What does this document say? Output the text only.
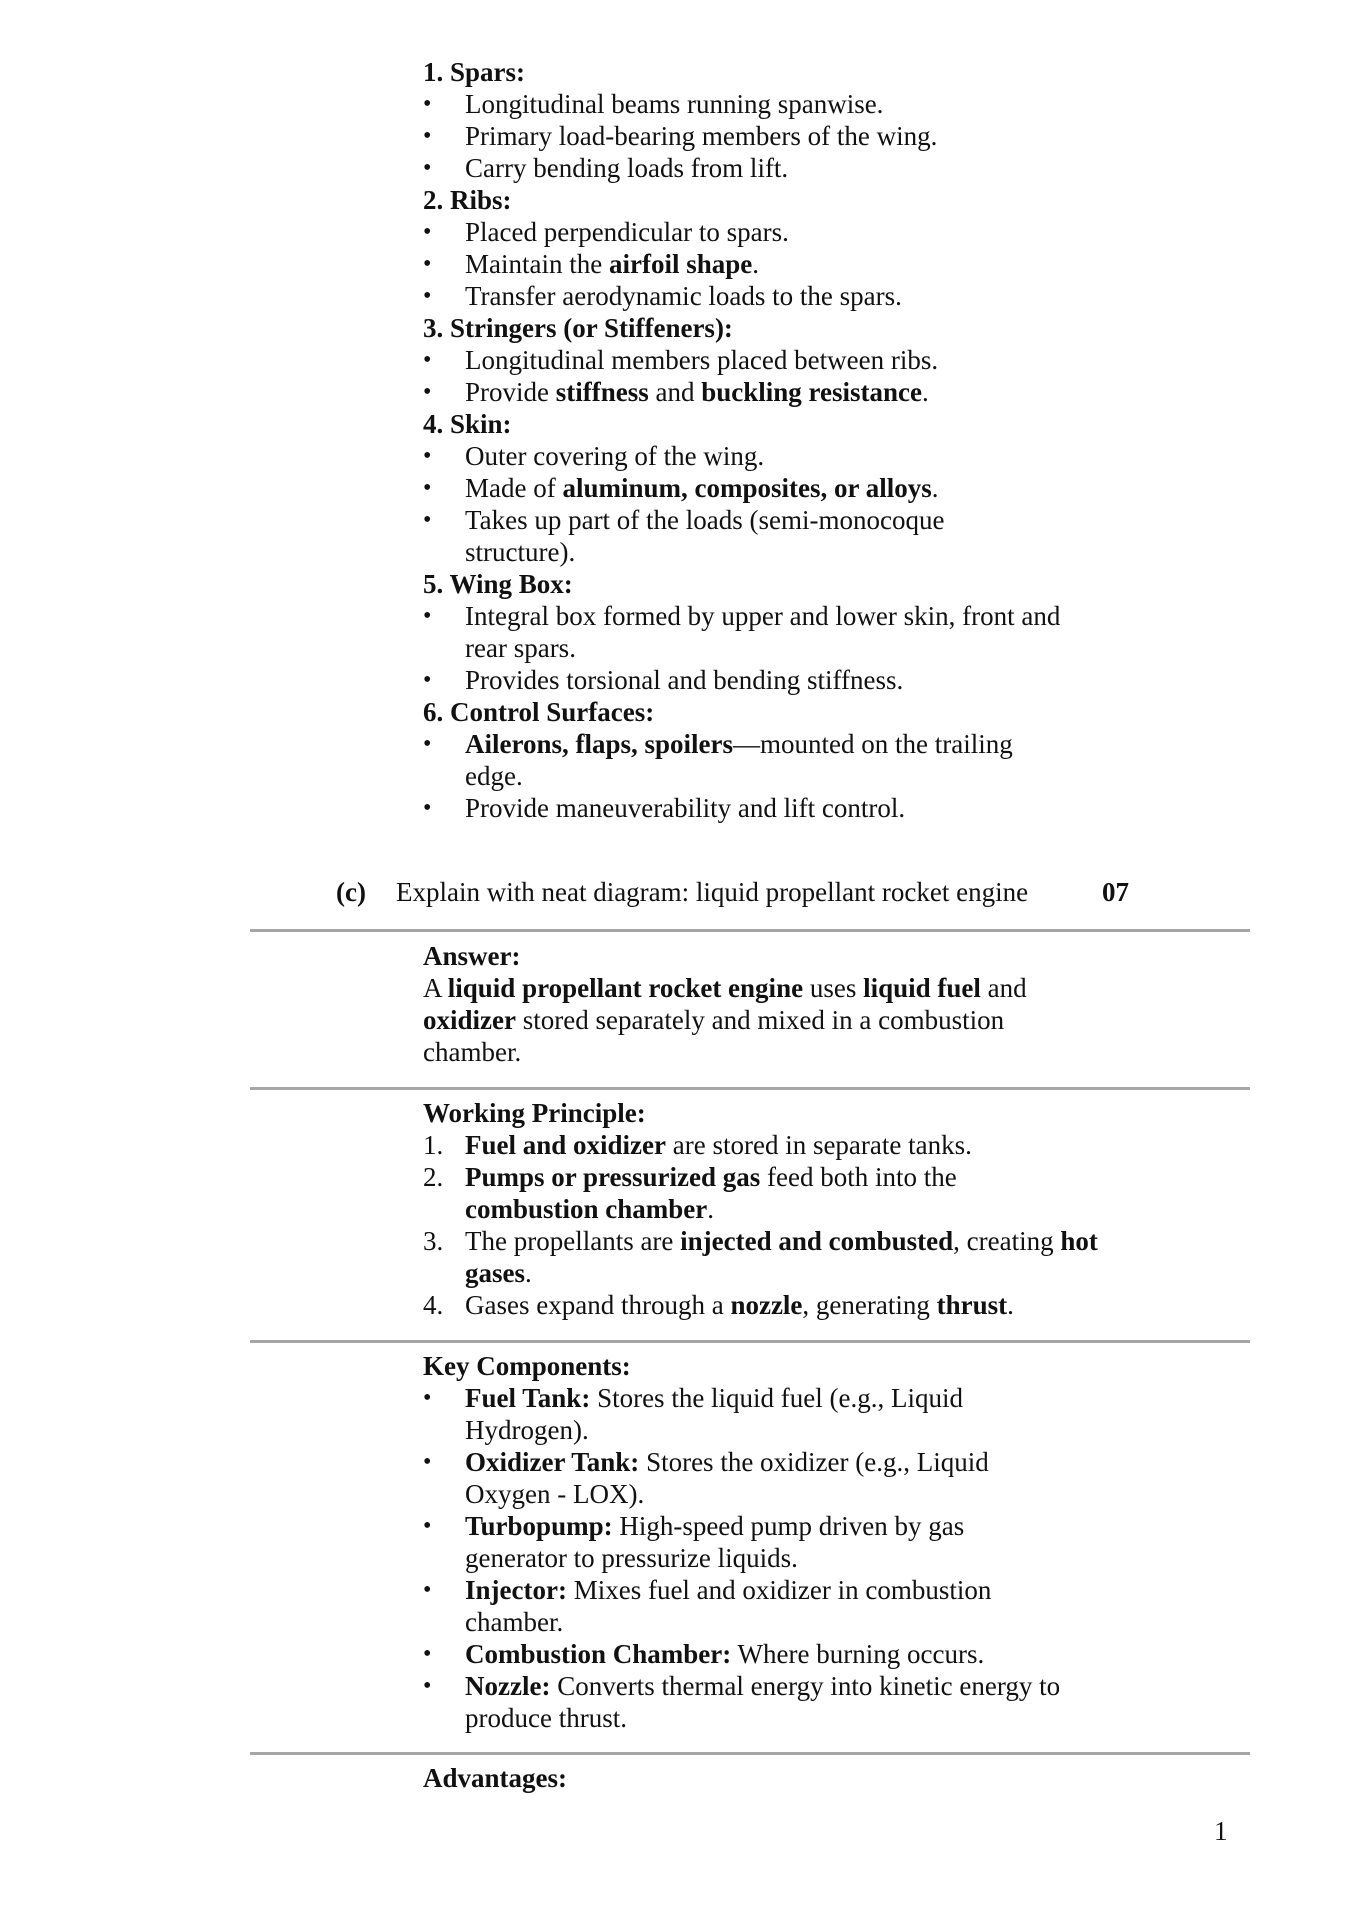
1. Spars:

• Longitudinal beams running spanwise.
• Primary load-bearing members of the wing.
• Carry bending loads from lift.

2. Ribs:

• Placed perpendicular to spars.
• Maintain the airfoil shape.
• Transfer aerodynamic loads to the spars.

3. Stringers (or Stiffeners):

• Longitudinal members placed between ribs.
• Provide stiffness and buckling resistance.

4. Skin:

• Outer covering of the wing.
• Made of aluminum, composites, or alloys.
• Takes up part of the loads (semi-monocoque structure).

5. Wing Box:

• Integral box formed by upper and lower skin, front and rear spars.
• Provides torsional and bending stiffness.

6. Control Surfaces:

• Ailerons, flaps, spoilers—mounted on the trailing edge.
• Provide maneuverability and lift control.
(c) Explain with neat diagram: liquid propellant rocket engine	07

Answer:

A liquid propellant rocket engine uses liquid fuel and oxidizer stored separately and mixed in a combustion chamber.

Working Principle:

1. Fuel and oxidizer are stored in separate tanks.
2. Pumps or pressurized gas feed both into the combustion chamber.
3. The propellants are injected and combusted, creating hot gases.
4. Gases expand through a nozzle, generating thrust.

Key Components:

• Fuel Tank: Stores the liquid fuel (e.g., Liquid Hydrogen).
• Oxidizer Tank: Stores the oxidizer (e.g., Liquid Oxygen - LOX).
• Turbopump: High-speed pump driven by gas generator to pressurize liquids.
• Injector: Mixes fuel and oxidizer in combustion chamber.
• Combustion Chamber: Where burning occurs.
• Nozzle: Converts thermal energy into kinetic energy to produce thrust.

Advantages:

1
